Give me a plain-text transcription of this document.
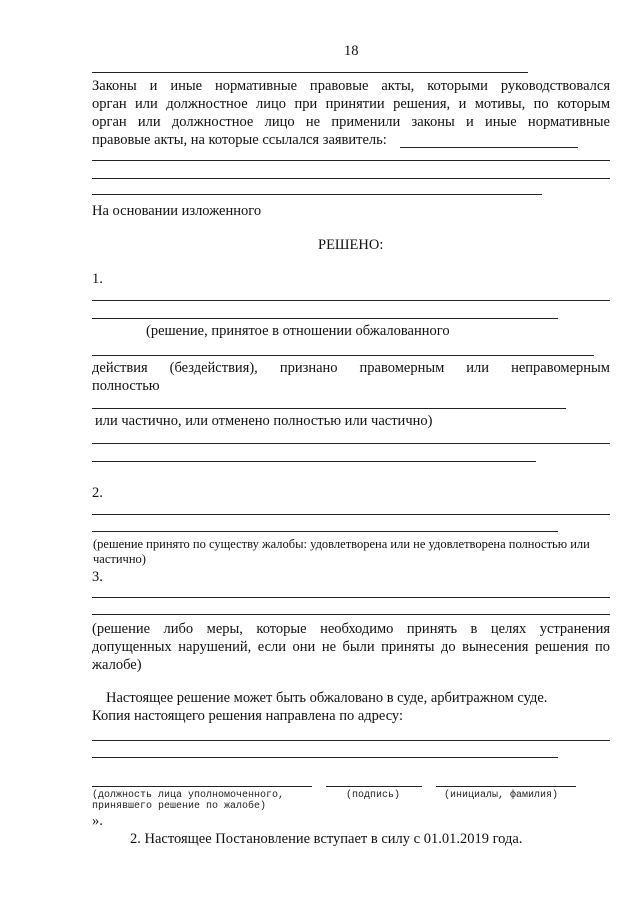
18
Законы и иные нормативные правовые акты, которыми руководствовался
орган или должностное лицо при принятии решения, и мотивы, по которым
орган или должностное лицо не применили законы и иные нормативные
правовые акты, на которые ссылался заявитель:
На основании изложенного
РЕШЕНО:
1.
(решение, принятое в отношении обжалованного
действия (бездействия), признано правомерным или неправомерным
полностью
или частично, или отменено полностью или частично)
2.
(решение принято по существу жалобы: удовлетворена или не удовлетворена полностью или
частично)
3.
(решение либо меры, которые необходимо принять в целях устранения
допущенных нарушений, если они не были приняты до вынесения решения по
жалобе)
Настоящее решение может быть обжаловано в суде, арбитражном суде.
Копия настоящего решения направлена по адресу:
(должность лица уполномоченного,
принявшего решение по жалобе)
(подпись)	(инициалы, фамилия)
».
2. Настоящее Постановление вступает в силу с 01.01.2019 года.
